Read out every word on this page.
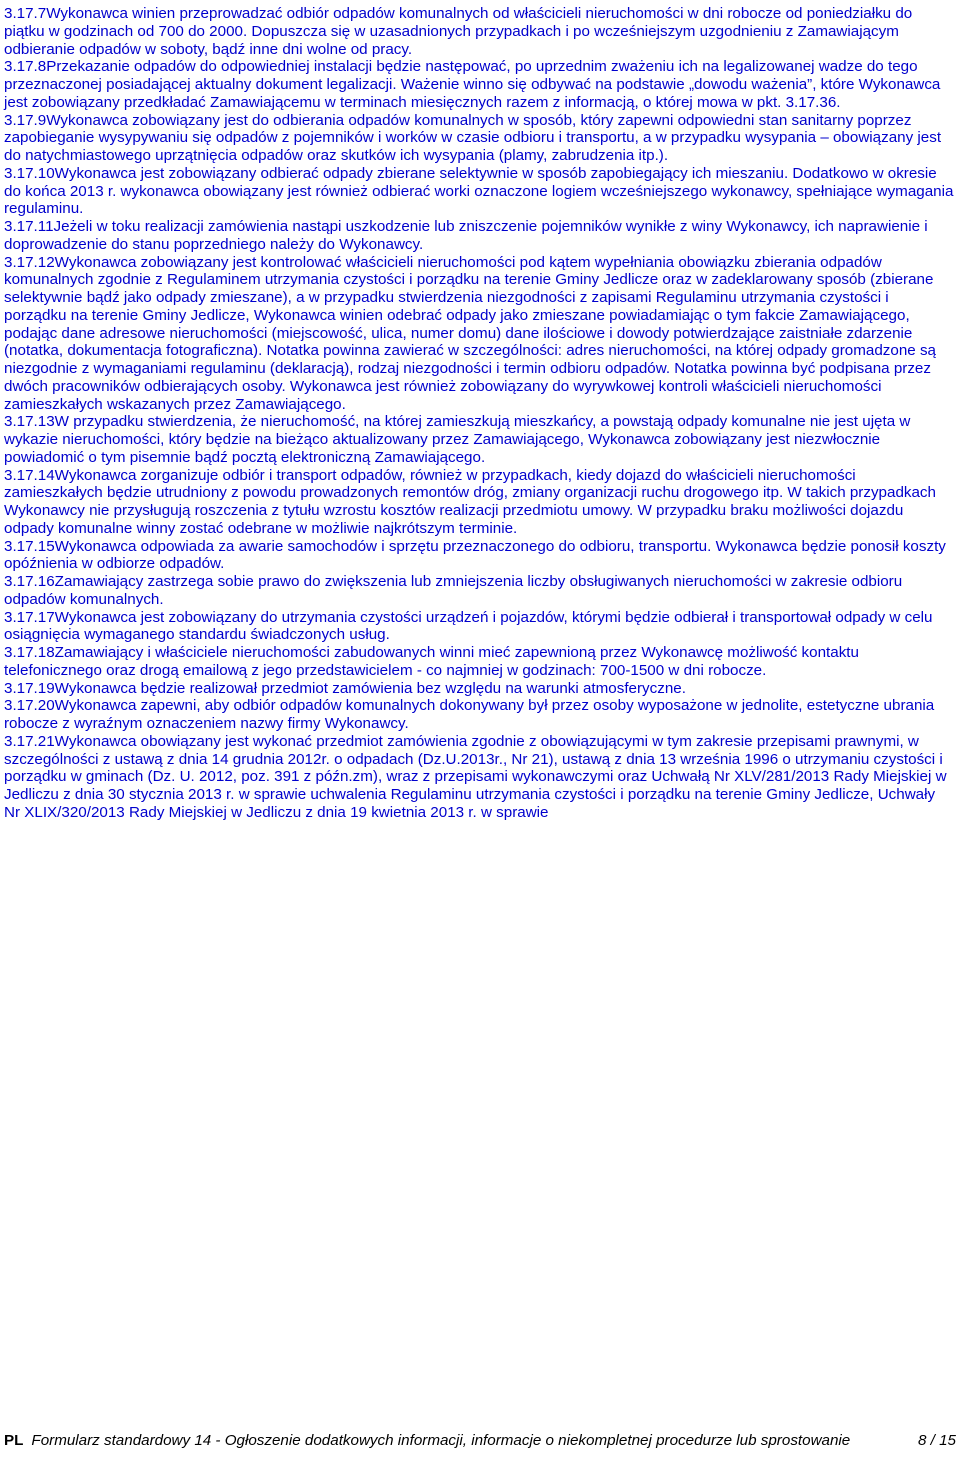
3.17.7Wykonawca winien przeprowadzać odbiór odpadów komunalnych od właścicieli nieruchomości w dni robocze od poniedziałku do piątku w godzinach od 700 do 2000. Dopuszcza się w uzasadnionych przypadkach i po wcześniejszym uzgodnieniu z Zamawiającym odbieranie odpadów w soboty, bądź inne dni wolne od pracy.

3.17.8Przekazanie odpadów do odpowiedniej instalacji będzie następować, po uprzednim zważeniu ich na legalizowanej wadze do tego przeznaczonej posiadającej aktualny dokument legalizacji. Ważenie winno się odbywać na podstawie „dowodu ważenia”, które Wykonawca jest zobowiązany przedkładać Zamawiającemu w terminach miesięcznych razem z informacją, o której mowa w pkt. 3.17.36.

3.17.9Wykonawca zobowiązany jest do odbierania odpadów komunalnych w sposób, który zapewni odpowiedni stan sanitarny poprzez zapobieganie wysypywaniu się odpadów z pojemników i worków w czasie odbioru i transportu, a w przypadku wysypania – obowiązany jest do natychmiastowego uprzątnięcia odpadów oraz skutków ich wysypania (plamy, zabrudzenia itp.).

3.17.10Wykonawca jest zobowiązany odbierać odpady zbierane selektywnie w sposób zapobiegający ich mieszaniu. Dodatkowo w okresie do końca 2013 r. wykonawca obowiązany jest również odbierać worki oznaczone logiem wcześniejszego wykonawcy, spełniające wymagania regulaminu.

3.17.11Jeżeli w toku realizacji zamówienia nastąpi uszkodzenie lub zniszczenie pojemników wynikłe z winy Wykonawcy, ich naprawienie i doprowadzenie do stanu poprzedniego należy do Wykonawcy.

3.17.12Wykonawca zobowiązany jest kontrolować właścicieli nieruchomości pod kątem wypełniania obowiązku zbierania odpadów komunalnych zgodnie z Regulaminem utrzymania czystości i porządku na terenie Gminy Jedlicze oraz w zadeklarowany sposób (zbierane selektywnie bądź jako odpady zmieszane), a w przypadku stwierdzenia niezgodności z zapisami Regulaminu utrzymania czystości i porządku na terenie Gminy Jedlicze, Wykonawca winien odebrać odpady jako zmieszane powiadamiając o tym fakcie Zamawiającego, podając dane adresowe nieruchomości (miejscowość, ulica, numer domu) dane ilościowe i dowody potwierdzające zaistniałe zdarzenie (notatka, dokumentacja fotograficzna). Notatka powinna zawierać w szczególności: adres nieruchomości, na której odpady gromadzone są niezgodnie z wymaganiami regulaminu (deklaracją), rodzaj niezgodności i termin odbioru odpadów. Notatka powinna być podpisana przez dwóch pracowników odbierających osoby. Wykonawca jest również zobowiązany do wyrywkowej kontroli właścicieli nieruchomości zamieszkałych wskazanych przez Zamawiającego.

3.17.13W przypadku stwierdzenia, że nieruchomość, na której zamieszkują mieszkańcy, a powstają odpady komunalne nie jest ujęta w wykazie nieruchomości, który będzie na bieżąco aktualizowany przez Zamawiającego, Wykonawca zobowiązany jest niezwłocznie powiadomić o tym pisemnie bądź pocztą elektroniczną Zamawiającego.

3.17.14Wykonawca zorganizuje odbiór i transport odpadów, również w przypadkach, kiedy dojazd do właścicieli nieruchomości zamieszkałych będzie utrudniony z powodu prowadzonych remontów dróg, zmiany organizacji ruchu drogowego itp. W takich przypadkach Wykonawcy nie przysługują roszczenia z tytułu wzrostu kosztów realizacji przedmiotu umowy. W przypadku braku możliwości dojazdu odpady komunalne winny zostać odebrane w możliwie najkrótszym terminie.

3.17.15Wykonawca odpowiada za awarie samochodów i sprzętu przeznaczonego do odbioru, transportu. Wykonawca będzie ponosił koszty opóźnienia w odbiorze odpadów.

3.17.16Zamawiający zastrzega sobie prawo do zwiększenia lub zmniejszenia liczby obsługiwanych nieruchomości w zakresie odbioru odpadów komunalnych.

3.17.17Wykonawca jest zobowiązany do utrzymania czystości urządzeń i pojazdów, którymi będzie odbierał i transportował odpady w celu osiągnięcia wymaganego standardu świadczonych usług.

3.17.18Zamawiający i właściciele nieruchomości zabudowanych winni mieć zapewnioną przez Wykonawcę możliwość kontaktu telefonicznego oraz drogą emailową z jego przedstawicielem - co najmniej w godzinach: 700-1500 w dni robocze.

3.17.19Wykonawca będzie realizował przedmiot zamówienia bez względu na warunki atmosferyczne.

3.17.20Wykonawca zapewni, aby odbiór odpadów komunalnych dokonywany był przez osoby wyposażone w jednolite, estetyczne ubrania robocze z wyraźnym oznaczeniem nazwy firmy Wykonawcy.

3.17.21Wykonawca obowiązany jest wykonać przedmiot zamówienia zgodnie z obowiązującymi w tym zakresie przepisami prawnymi, w szczególności z ustawą z dnia 14 grudnia 2012r. o odpadach (Dz.U.2013r., Nr 21), ustawą z dnia 13 września 1996 o utrzymaniu czystości i porządku w gminach (Dz. U. 2012, poz. 391 z późn.zm), wraz z przepisami wykonawczymi oraz Uchwałą Nr XLV/281/2013 Rady Miejskiej w Jedliczu z dnia 30 stycznia 2013 r. w sprawie uchwalenia Regulaminu utrzymania czystości i porządku na terenie Gminy Jedlicze, Uchwały Nr XLIX/320/2013 Rady Miejskiej w Jedliczu z dnia 19 kwietnia 2013 r. w sprawie

PL Formularz standardowy 14 - Ogłoszenie dodatkowych informacji, informacje o niekompletnej procedurze lub sprostowanie	8 / 15
